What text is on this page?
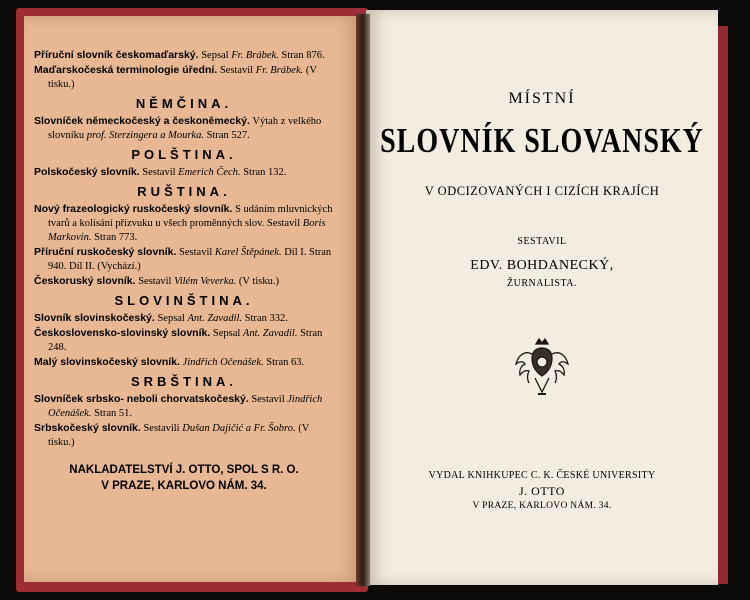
Příruční slovník českomaďarský. Sepsal Fr. Brábek. Stran 876.

Maďarskočeská terminologie úřední. Sestavil Fr. Brábek. (V tisku.)

NĚMČINA.

Slovníček německočeský a českoněmecký. Výtah z velkého slovníku prof. Sterzingera a Mourka. Stran 527.

POLŠTINA.

Polskočeský slovník. Sestavil Emerich Čech. Stran 132.

RUŠTINA.

Nový frazeologický ruskočeský slovník. S udáním mluvnických tvarů a kolísání přízvuku u všech proměnných slov. Sestavil Boris Markovin. Stran 773.

Příruční ruskočeský slovník. Sestavil Karel Štěpánek. Díl I. Stran 940. Díl II. (Vychází.)

Českoruský slovník. Sestavil Vilém Veverka. (V tisku.)

SLOVINŠTINA.

Slovník slovinskočeský. Sepsal Ant. Zavadil. Stran 332.

Československo-slovinský slovník. Sepsal Ant. Zavadil. Stran 248.

Malý slovinskočeský slovník. Jindřich Očenášek. Stran 63.

SRBŠTINA.

Slovníček srbsko- neboli chorvatskočeský. Sestavil Jindřich Očenášek. Stran 51.

Srbskočeský slovník. Sestavili Dušan Dajičić a Fr. Šobro. (V tisku.)

NAKLADATELSTVÍ J. OTTO, SPOL S R. O.
V PRAZE, KARLOVO NÁM. 34.
MÍSTNÍ
SLOVNÍK SLOVANSKÝ
V ODCIZOVANÝCH I CIZÍCH KRAJÍCH
SESTAVIL
EDV. BOHDANECKÝ,
ŽURNALISTA.
VYDAL KNIHKUPEC C. K. ČESKÉ UNIVERSITY
J. OTTO
V PRAZE, KARLOVO NÁM. 34.
